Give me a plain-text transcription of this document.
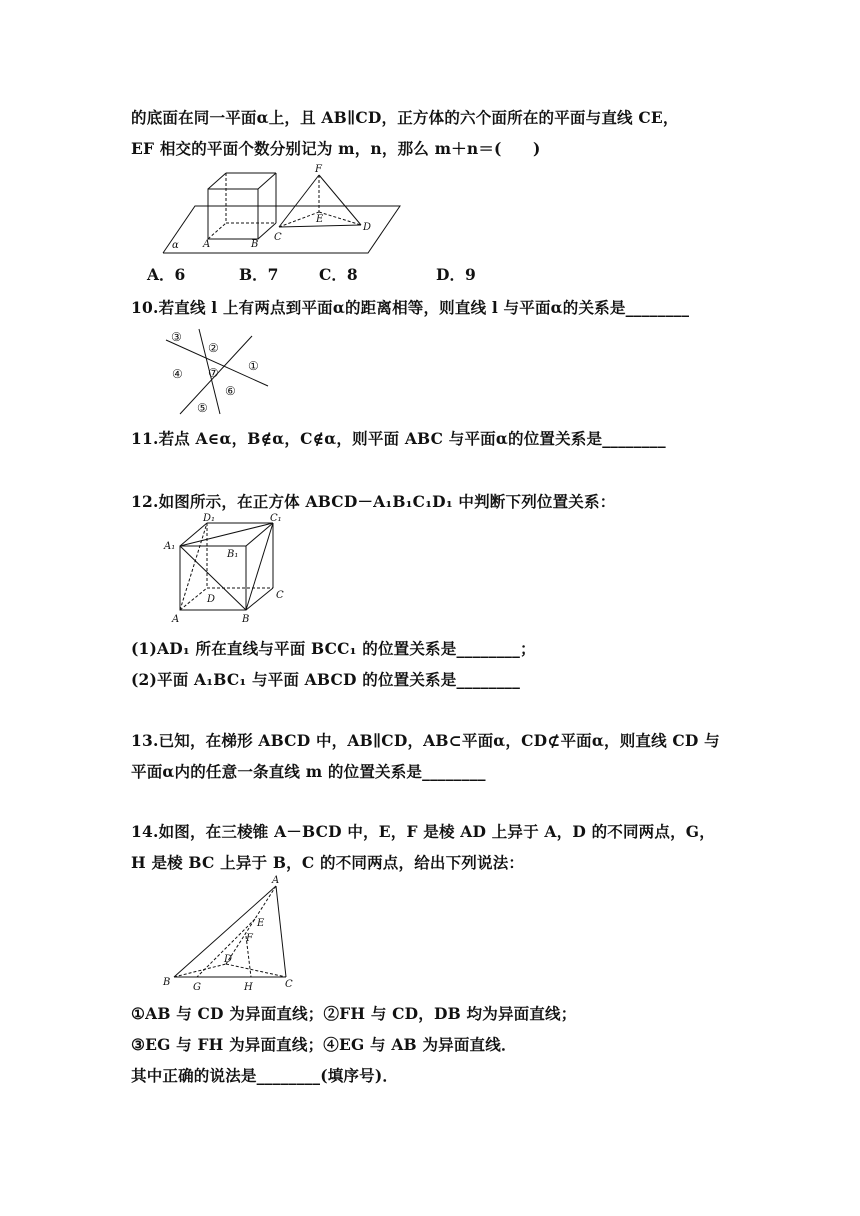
的底面在同一平面α上，且 AB∥CD，正方体的六个面所在的平面与直线 CE，
EF 相交的平面个数分别记为 m，n，那么 m＋n＝(　　)
α A	B
C
D
E
F
A．6	B．7	C．8	D．9
10.若直线 l 上有两点到平面α的距离相等，则直线 l 与平面α的关系是________
③
②
①
④ ⑦
⑥
⑤
11.若点 A∈α，B∉α，C∉α，则平面 ABC 与平面α的位置关系是________
12.如图所示，在正方体 ABCD－A₁B₁C₁D₁ 中判断下列位置关系：
D₁	C₁
A₁
B₁
D	C
A	B
(1)AD₁ 所在直线与平面 BCC₁ 的位置关系是________；
(2)平面 A₁BC₁ 与平面 ABCD 的位置关系是________
13.已知，在梯形 ABCD 中，AB∥CD，AB⊂平面α，CD⊄平面α，则直线 CD 与
平面α内的任意一条直线 m 的位置关系是________
14.如图，在三棱锥 A－BCD 中，E，F 是棱 AD 上异于 A，D 的不同两点，G，
H 是棱 BC 上异于 B，C 的不同两点，给出下列说法：
A
E
F
D
B G	H	C
①AB 与 CD 为异面直线；②FH 与 CD，DB 均为异面直线；
③EG 与 FH 为异面直线；④EG 与 AB 为异面直线．
其中正确的说法是________(填序号)．
